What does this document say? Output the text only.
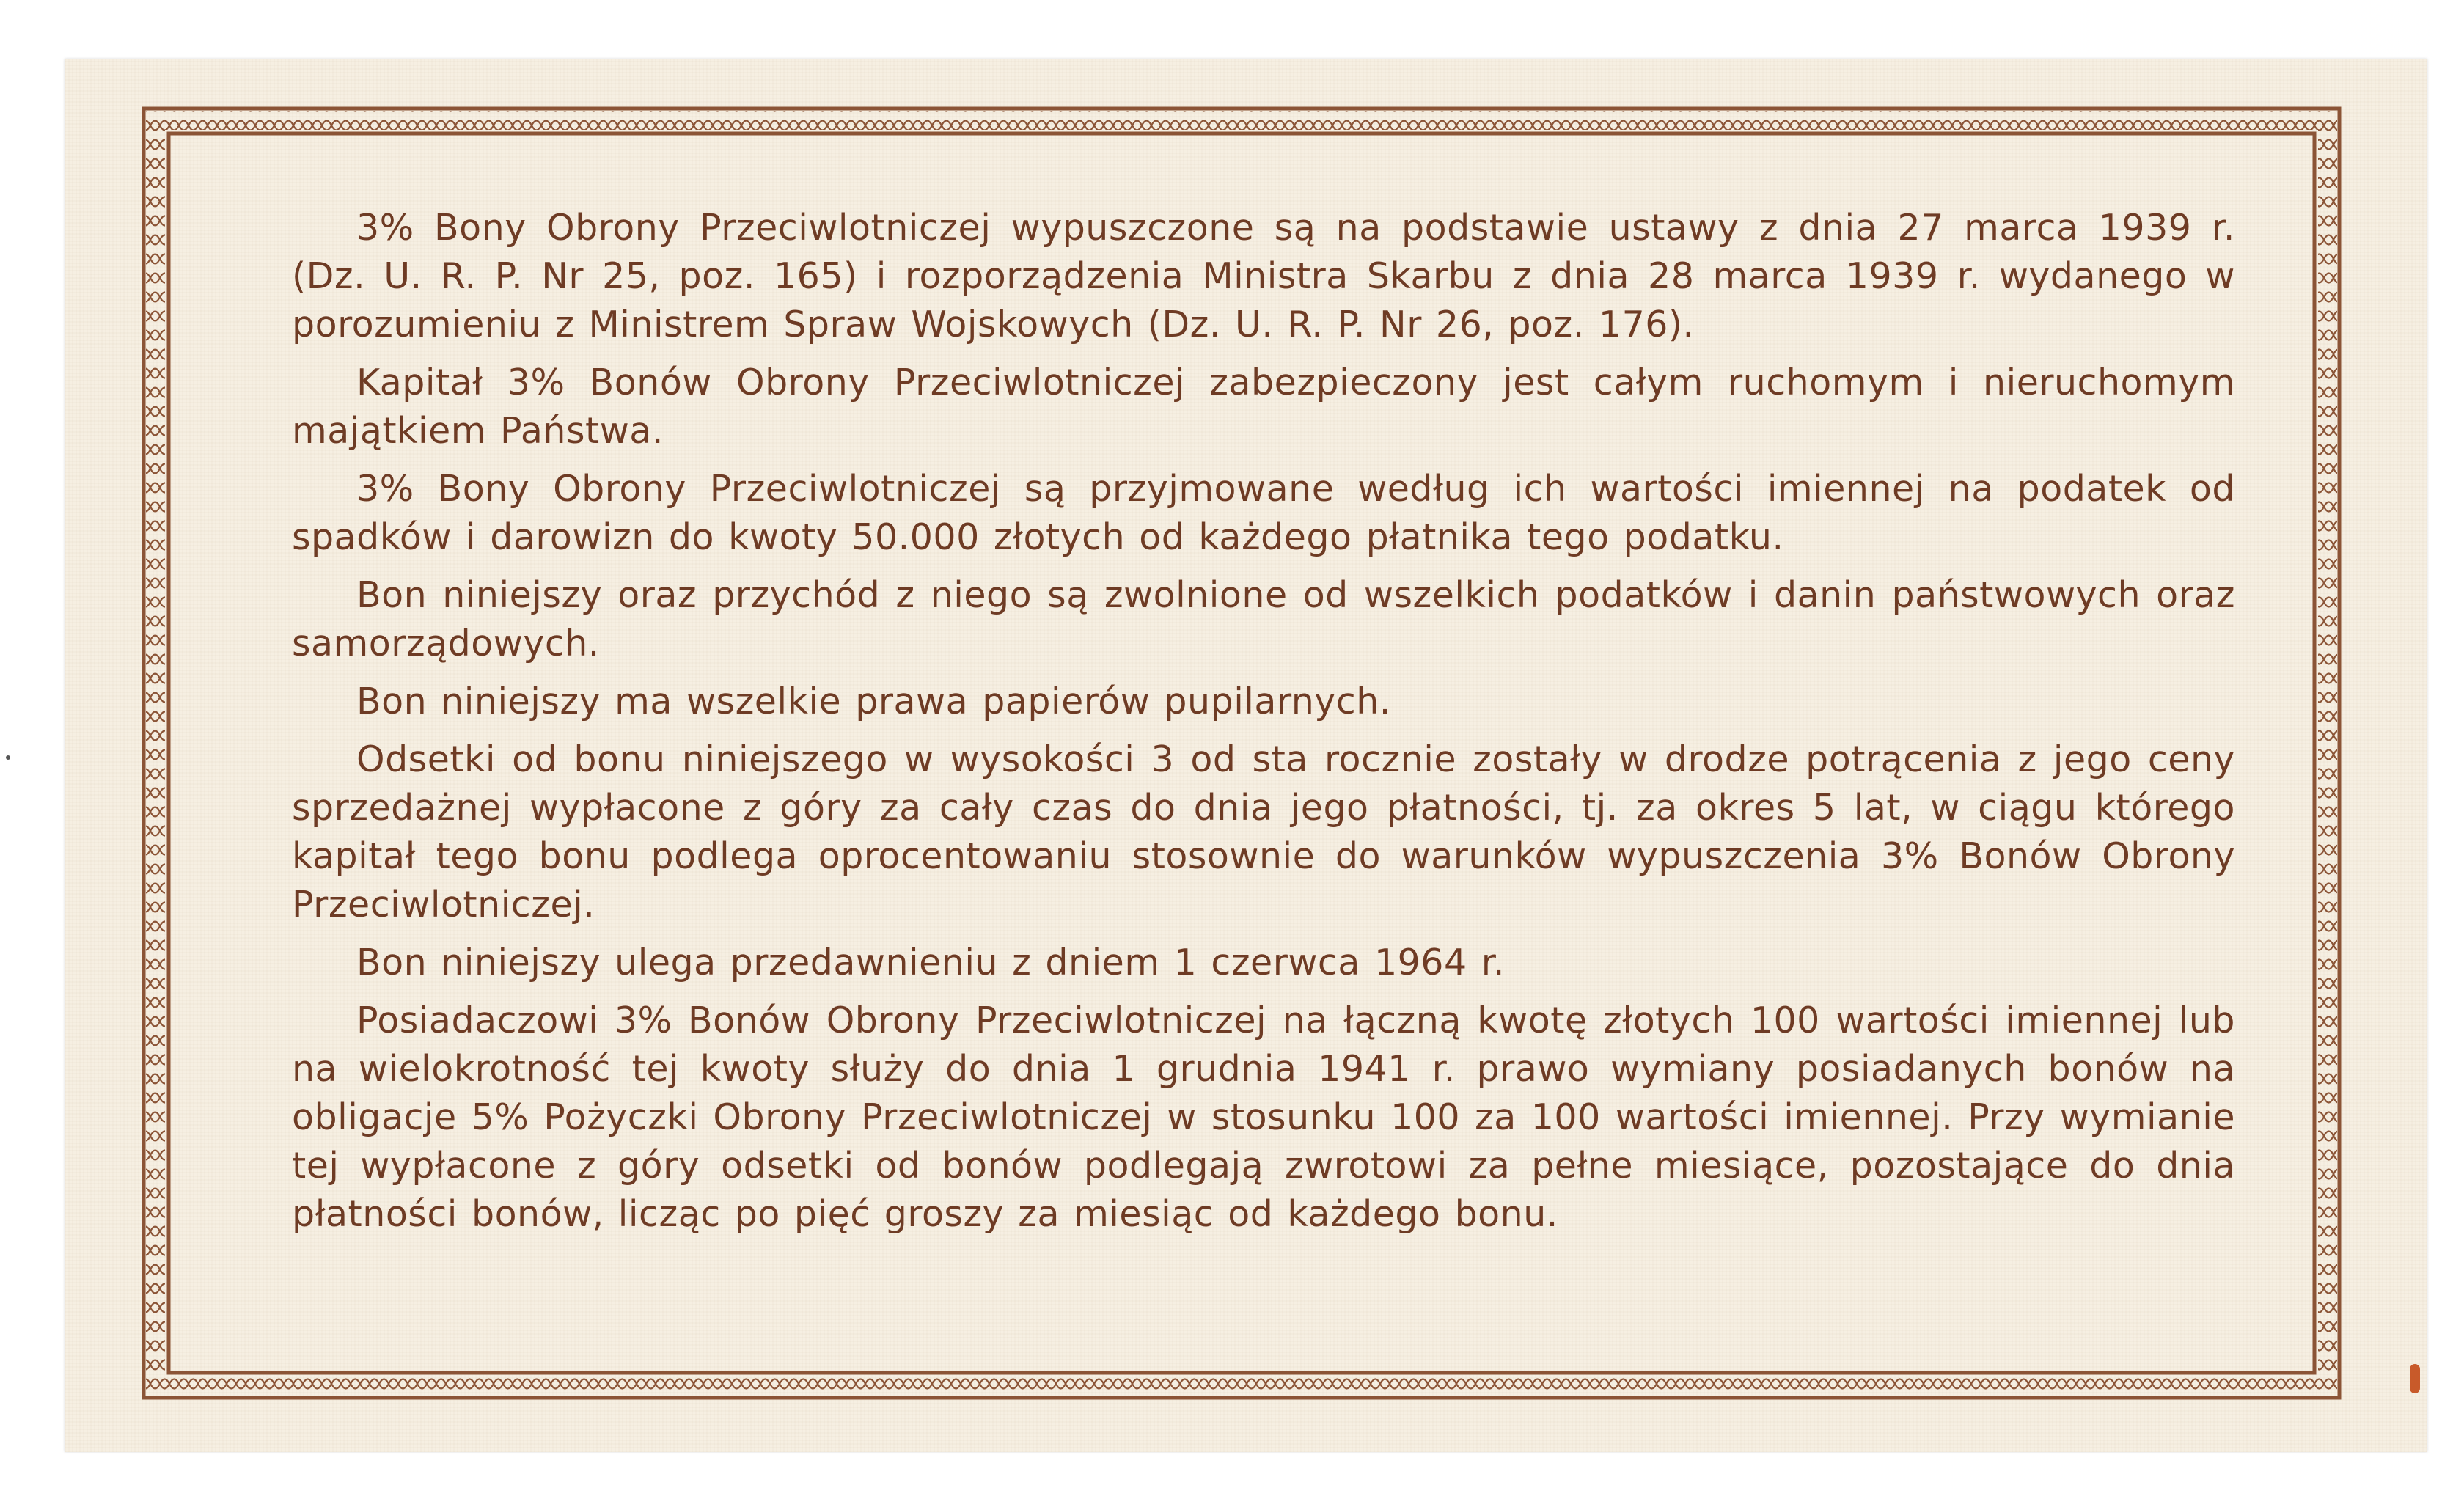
3% Bony Obrony Przeciwlotniczej wypuszczone są na podstawie ustawy z dnia 27 marca 1939 r. (Dz. U. R. P. Nr 25, poz. 165) i rozporządzenia Ministra Skarbu z dnia 28 marca 1939 r. wydanego w porozumieniu z Ministrem Spraw Wojskowych (Dz. U. R. P. Nr 26, poz. 176).

Kapitał 3% Bonów Obrony Przeciwlotniczej zabezpieczony jest całym ruchomym i nieruchomym majątkiem Państwa.

3% Bony Obrony Przeciwlotniczej są przyjmowane według ich wartości imiennej na podatek od spadków i darowizn do kwoty 50.000 złotych od każdego płatnika tego podatku.

Bon niniejszy oraz przychód z niego są zwolnione od wszelkich podatków i danin państwowych oraz samorządowych.

Bon niniejszy ma wszelkie prawa papierów pupilarnych.

Odsetki od bonu niniejszego w wysokości 3 od sta rocznie zostały w drodze potrącenia z jego ceny sprzedażnej wypłacone z góry za cały czas do dnia jego płatności, tj. za okres 5 lat, w ciągu którego kapitał tego bonu podlega oprocentowaniu stosownie do warunków wypuszczenia 3% Bonów Obrony Przeciwlotniczej.

Bon niniejszy ulega przedawnieniu z dniem 1 czerwca 1964 r.

Posiadaczowi 3% Bonów Obrony Przeciwlotniczej na łączną kwotę złotych 100 wartości imiennej lub na wielokrotność tej kwoty służy do dnia 1 grudnia 1941 r. prawo wymiany posiadanych bonów na obligacje 5% Pożyczki Obrony Przeciwlotniczej w stosunku 100 za 100 wartości imiennej. Przy wymianie tej wypłacone z góry odsetki od bonów podlegają zwrotowi za pełne miesiące, pozostające do dnia płatności bonów, licząc po pięć groszy za miesiąc od każdego bonu.
